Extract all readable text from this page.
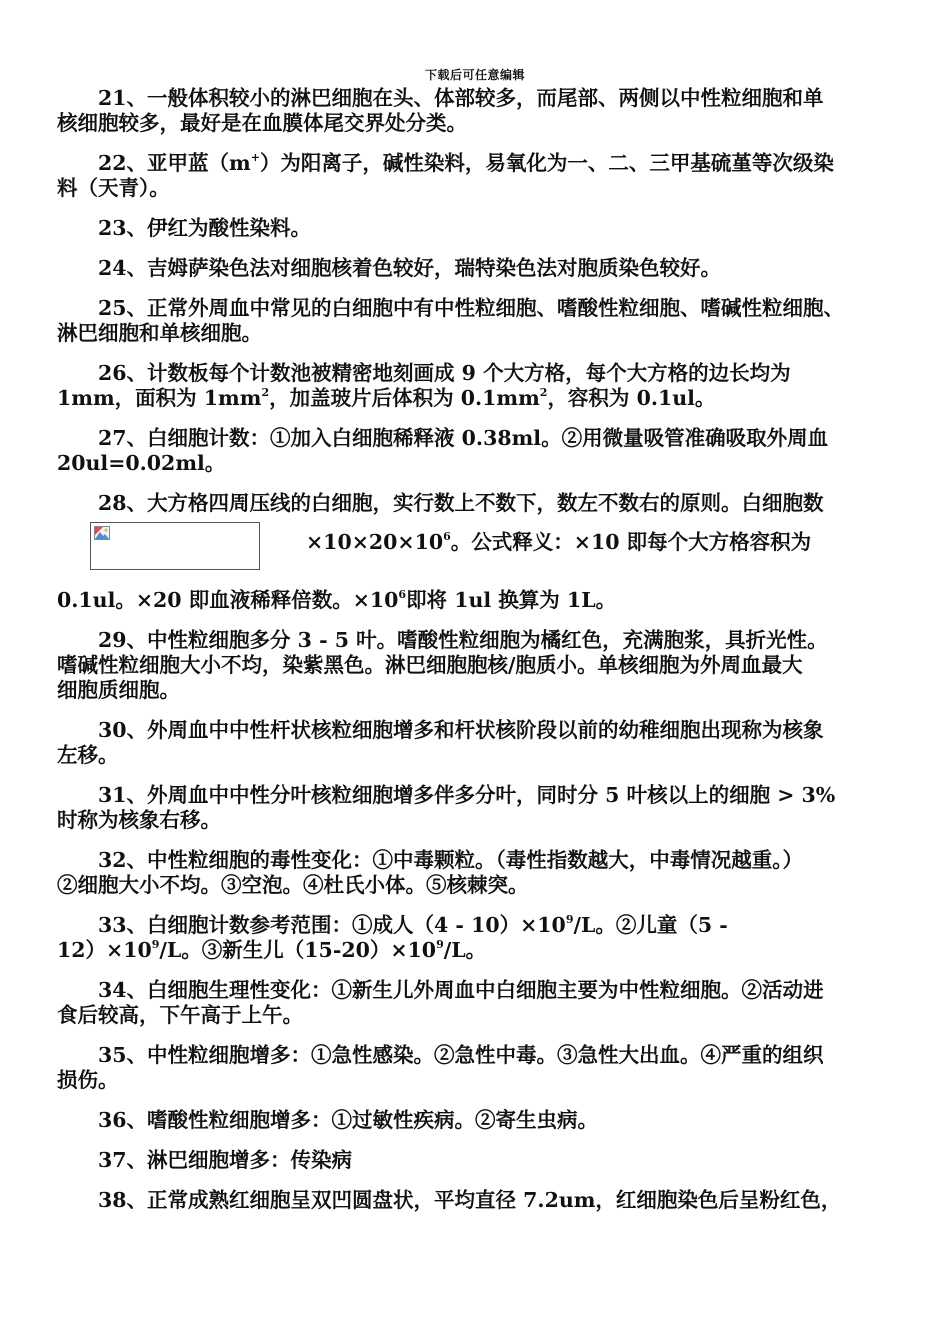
下载后可任意编辑
21、一般体积较小的淋巴细胞在头、体部较多，而尾部、两侧以中性粒细胞和单
核细胞较多，最好是在血膜体尾交界处分类。
22、亚甲蓝（m+）为阳离子，碱性染料，易氧化为一、二、三甲基硫堇等次级染
料（天青）。
23、伊红为酸性染料。
24、吉姆萨染色法对细胞核着色较好，瑞特染色法对胞质染色较好。
25、正常外周血中常见的白细胞中有中性粒细胞、嗜酸性粒细胞、嗜碱性粒细胞、
淋巴细胞和单核细胞。
26、计数板每个计数池被精密地刻画成 9 个大方格，每个大方格的边长均为
1mm，面积为 $1mm^2$，加盖玻片后体积为 $0.1mm^2$，容积为 0.1ul。
27、白细胞计数：①加入白细胞稀释液 0.38ml。②用微量吸管准确吸取外周血
20ul=0.02ml。
28、大方格四周压线的白细胞，实行数上不数下，数左不数右的原则。白细胞数
$\times 10\times 20\times 10^6$。公式释义：×10 即每个大方格容积为
0.1ul。×20 即血液稀释倍数。$\times 10^6$即将 1ul 换算为 1L。
29、中性粒细胞多分 3 - 5 叶。嗜酸性粒细胞为橘红色，充满胞浆，具折光性。
嗜碱性粒细胞大小不均，染紫黑色。淋巴细胞胞核/胞质小。单核细胞为外周血最大
细胞质细胞。
30、外周血中中性杆状核粒细胞增多和杆状核阶段以前的幼稚细胞出现称为核象
左移。
31、外周血中中性分叶核粒细胞增多伴多分叶，同时分 5 叶核以上的细胞 > 3%
时称为核象右移。
32、中性粒细胞的毒性变化：①中毒颗粒。（毒性指数越大，中毒情况越重。）
②细胞大小不均。③空泡。④杜氏小体。⑤核棘突。
33、白细胞计数参考范围：①成人$(4 - 10)\times 10^9/L$。②儿童（5 -
$12)\times 10^9/L$。③新生儿$(15-20)\times 10^9/L$。
34、白细胞生理性变化：①新生儿外周血中白细胞主要为中性粒细胞。②活动进
食后较高，下午高于上午。
35、中性粒细胞增多：①急性感染。②急性中毒。③急性大出血。④严重的组织
损伤。
36、嗜酸性粒细胞增多：①过敏性疾病。②寄生虫病。
37、淋巴细胞增多：传染病
38、正常成熟红细胞呈双凹圆盘状，平均直径 7.2um，红细胞染色后呈粉红色，
